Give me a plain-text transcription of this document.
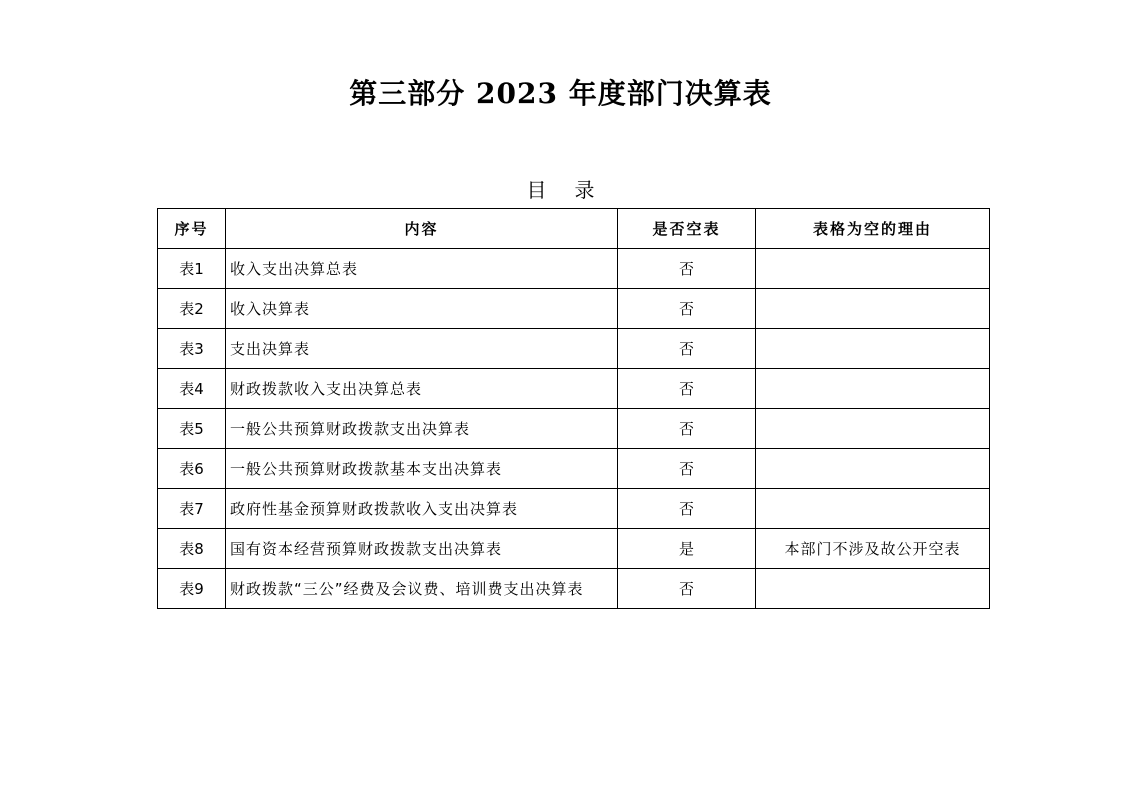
第三部分 2023 年度部门决算表
目录
序号	内容	是否空表	表格为空的理由
表1	收入支出决算总表	否	
表2	收入决算表	否	
表3	支出决算表	否	
表4	财政拨款收入支出决算总表	否	
表5	一般公共预算财政拨款支出决算表	否	
表6	一般公共预算财政拨款基本支出决算表	否	
表7	政府性基金预算财政拨款收入支出决算表	否	
表8	国有资本经营预算财政拨款支出决算表	是	本部门不涉及故公开空表
表9	财政拨款“三公”经费及会议费、培训费支出决算表	否	
